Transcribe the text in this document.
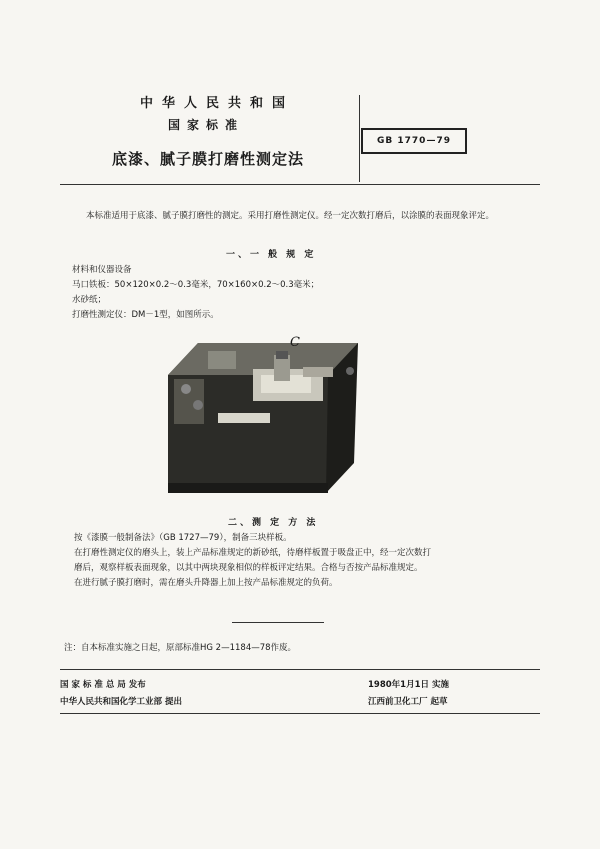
中华人民共和国
国家标准
底漆、腻子膜打磨性测定法
GB 1770—79
本标准适用于底漆、腻子膜打磨性的测定。采用打磨性测定仪。经一定次数打磨后，以涂膜的表面现象评定。
一、一 般 规 定
材料和仪器设备
马口铁板：50×120×0.2～0.3毫米，70×160×0.2～0.3毫米；
水砂纸；
打磨性测定仪：DM－1型，如图所示。
C
二、测 定 方 法
按《漆膜一般制备法》（GB 1727—79），制备三块样板。
在打磨性测定仪的磨头上，装上产品标准规定的新砂纸，待磨样板置于吸盘正中，经一定次数打
磨后，观察样板表面现象，以其中两块现象相似的样板评定结果。合格与否按产品标准规定。
在进行腻子膜打磨时，需在磨头升降器上加上按产品标准规定的负荷。
注：自本标准实施之日起，原部标准HG 2—1184—78作废。
国 家 标 准 总 局 发布
中华人民共和国化学工业部 提出
1980年1月1日 实施
江西前卫化工厂 起草
